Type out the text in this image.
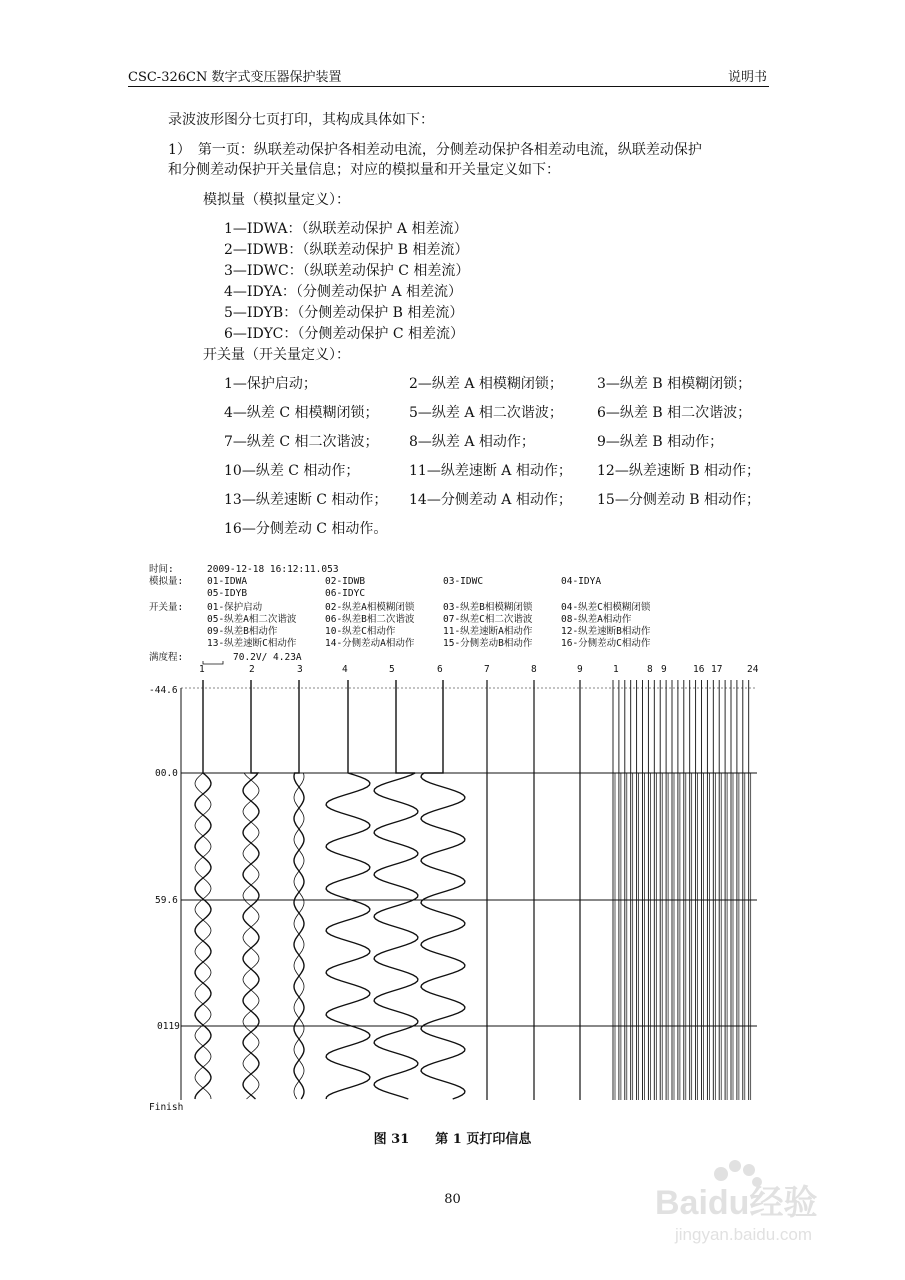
CSC-326CN 数字式变压器保护装置	说明书
录波波形图分七页打印，其构成具体如下：
1）　第一页：纵联差动保护各相差动电流，分侧差动保护各相差动电流，纵联差动保护
和分侧差动保护开关量信息；对应的模拟量和开关量定义如下：
模拟量（模拟量定义）：
1—IDWA：（纵联差动保护 A 相差流）
2—IDWB：（纵联差动保护 B 相差流）
3—IDWC：（纵联差动保护 C 相差流）
4—IDYA：（分侧差动保护 A 相差流）
5—IDYB：（分侧差动保护 B 相差流）
6—IDYC：（分侧差动保护 C 相差流）
开关量（开关量定义）：
1—保护启动；	2—纵差 A 相模糊闭锁； 3—纵差 B 相模糊闭锁；
4—纵差 C 相模糊闭锁； 5—纵差 A 相二次谐波； 6—纵差 B 相二次谐波；
7—纵差 C 相二次谐波； 8—纵差 A 相动作；	9—纵差 B 相动作；
10—纵差 C 相动作；	11—纵差速断 A 相动作； 12—纵差速断 B 相动作；
13—纵差速断 C 相动作； 14—分侧差动 A 相动作； 15—分侧差动 B 相动作；
16—分侧差动 C 相动作。
时间:	2009-12-18 16:12:11.053
模拟量:	01-IDWA	02-IDWB	03-IDWC	04-IDYA
05-IDYB	06-IDYC
开关量:	01-保护启动	02-纵差A相模糊闭锁	03-纵差B相模糊闭锁	04-纵差C相模糊闭锁
05-纵差A相二次谐波	06-纵差B相二次谐波	07-纵差C相二次谐波	08-纵差A相动作
09-纵差B相动作	10-纵差C相动作	11-纵差速断A相动作	12-纵差速断B相动作
13-纵差速断C相动作	14-分侧差动A相动作	15-分侧差动B相动作	16-分侧差动C相动作
满度程:	70.2V/ 4.23A
1	2	3	4	5	6	7	8	9	1	8 9	16 17	24
-44.6
00.0
59.6
0119
Finish
图 31　　第 1 页打印信息
80	Baidu经验
jingyan.baidu.com
